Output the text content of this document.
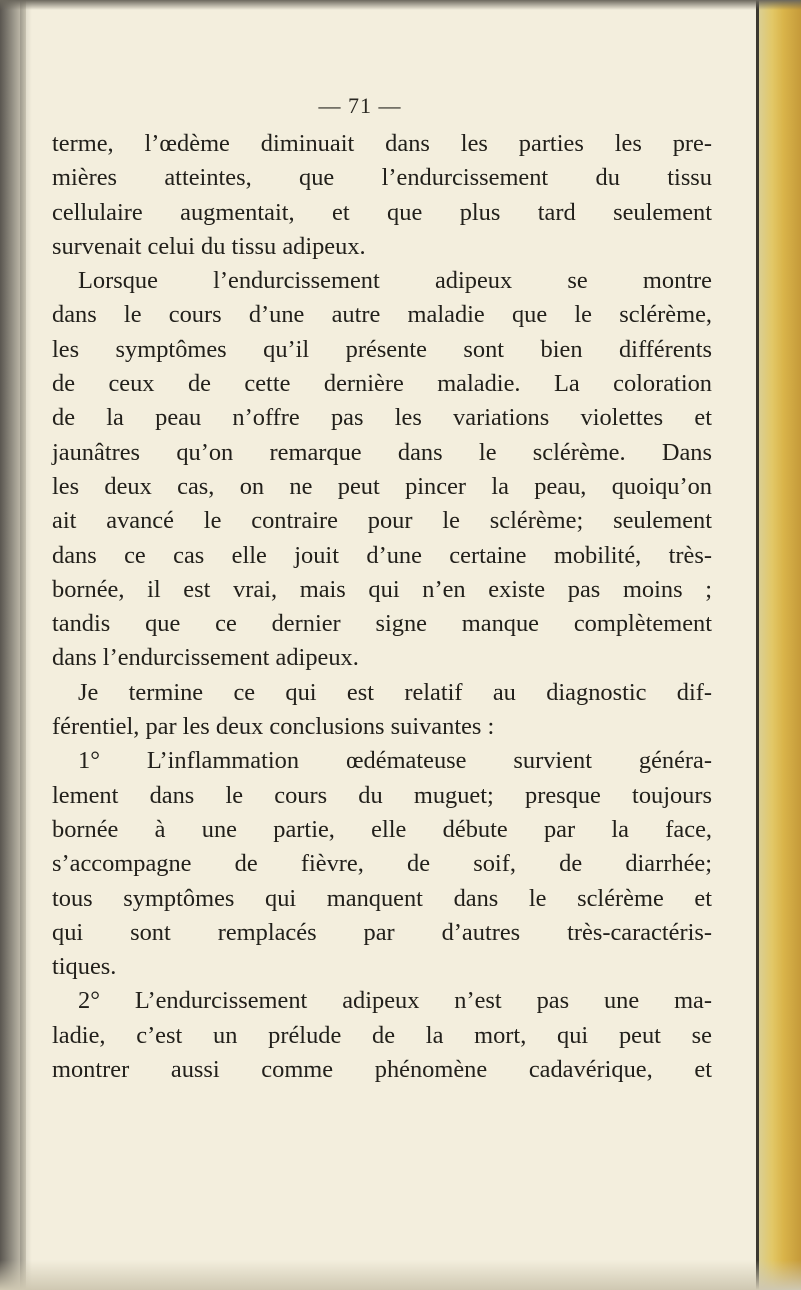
— 71 —
terme, l’œdème diminuait dans les parties les pre-
mières atteintes, que l’endurcissement du tissu
cellulaire augmentait, et que plus tard seulement
survenait celui du tissu adipeux.
Lorsque l’endurcissement adipeux se montre
dans le cours d’une autre maladie que le sclérème,
les symptômes qu’il présente sont bien différents
de ceux de cette dernière maladie. La coloration
de la peau n’offre pas les variations violettes et
jaunâtres qu’on remarque dans le sclérème. Dans
les deux cas, on ne peut pincer la peau, quoiqu’on
ait avancé le contraire pour le sclérème; seulement
dans ce cas elle jouit d’une certaine mobilité, très-
bornée, il est vrai, mais qui n’en existe pas moins ;
tandis que ce dernier signe manque complètement
dans l’endurcissement adipeux.
Je termine ce qui est relatif au diagnostic dif-
férentiel, par les deux conclusions suivantes :
1° L’inflammation œdémateuse survient généra-
lement dans le cours du muguet; presque toujours
bornée à une partie, elle débute par la face,
s’accompagne de fièvre, de soif, de diarrhée;
tous symptômes qui manquent dans le sclérème et
qui sont remplacés par d’autres très-caractéris-
tiques.
2° L’endurcissement adipeux n’est pas une ma-
ladie, c’est un prélude de la mort, qui peut se
montrer aussi comme phénomène cadavérique, et
